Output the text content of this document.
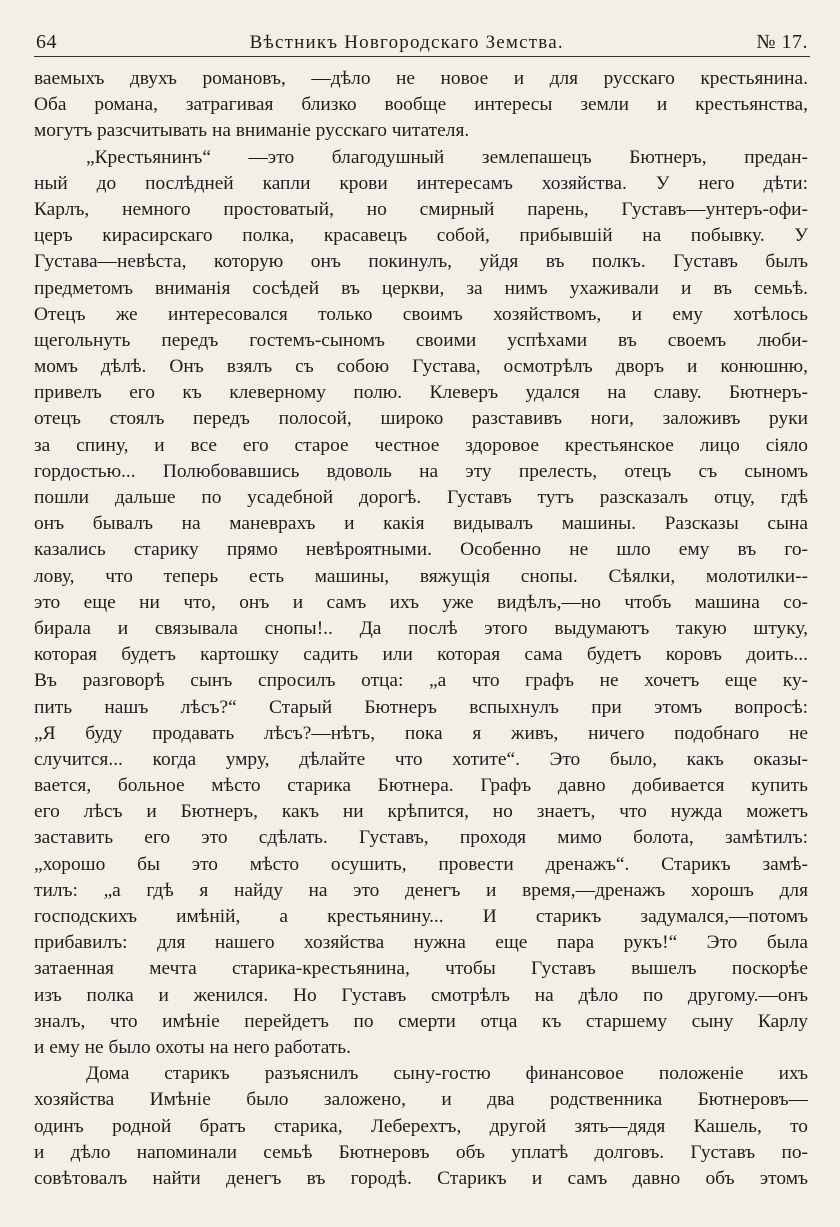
64	Вѣстникъ Новгородскаго Земства.	№ 17.
ваемыхъ двухъ романовъ, —дѣло не новое и для русскаго крестьянина.
Оба романа, затрагивая близко вообще интересы земли и крестьянства,
могутъ разсчитывать на вниманіе русскаго читателя.
„Крестьянинъ“ —это благодушный землепашецъ Бютнеръ, предан-
ный до послѣдней капли крови интересамъ хозяйства. У него дѣти:
Карлъ, немного простоватый, но смирный парень, Густавъ—унтеръ-офи-
церъ кирасирскаго полка, красавецъ собой, прибывшій на побывку. У
Густава—невѣста, которую онъ покинулъ, уйдя въ полкъ. Густавъ былъ
предметомъ вниманія сосѣдей въ церкви, за нимъ ухаживали и въ семьѣ.
Отецъ же интересовался только своимъ хозяйствомъ, и ему хотѣлось
щегольнуть передъ гостемъ-сыномъ своими успѣхами въ своемъ люби-
момъ дѣлѣ. Онъ взялъ съ собою Густава, осмотрѣлъ дворъ и конюшню,
привелъ его къ клеверному полю. Клеверъ удался на славу. Бютнеръ-
отецъ стоялъ передъ полосой, широко разставивъ ноги, заложивъ руки
за спину, и все его старое честное здоровое крестьянское лицо сіяло
гордостью... Полюбовавшись вдоволь на эту прелесть, отецъ съ сыномъ
пошли дальше по усадебной дорогѣ. Густавъ тутъ разсказалъ отцу, гдѣ
онъ бывалъ на маневрахъ и какія видывалъ машины. Разсказы сына
казались старику прямо невѣроятными. Особенно не шло ему въ го-
лову, что теперь есть машины, вяжущія снопы. Сѣялки, молотилки--
это еще ни что, онъ и самъ ихъ уже видѣлъ,—но чтобъ машина со-
бирала и связывала снопы!.. Да послѣ этого выдумаютъ такую штуку,
которая будетъ картошку садить или которая сама будетъ коровъ доить...
Въ разговорѣ сынъ спросилъ отца: „а что графъ не хочетъ еще ку-
пить нашъ лѣсъ?“ Старый Бютнеръ вспыхнулъ при этомъ вопросѣ:
„Я буду продавать лѣсъ?—нѣтъ, пока я живъ, ничего подобнаго не
случится... когда умру, дѣлайте что хотите“. Это было, какъ оказы-
вается, больное мѣсто старика Бютнера. Графъ давно добивается купить
его лѣсъ и Бютнеръ, какъ ни крѣпится, но знаетъ, что нужда можетъ
заставить его это сдѣлать. Густавъ, проходя мимо болота, замѣтилъ:
„хорошо бы это мѣсто осушить, провести дренажъ“. Старикъ замѣ-
тилъ: „а гдѣ я найду на это денегъ и время,—дренажъ хорошъ для
господскихъ имѣній, а крестьянину... И старикъ задумался,—потомъ
прибавилъ: для нашего хозяйства нужна еще пара рукъ!“ Это была
затаенная мечта старика-крестьянина, чтобы Густавъ вышелъ поскорѣе
изъ полка и женился. Но Густавъ смотрѣлъ на дѣло по другому.—онъ
зналъ, что имѣніе перейдетъ по смерти отца къ старшему сыну Карлу
и ему не было охоты на него работать.
Дома старикъ разъяснилъ сыну-гостю финансовое положеніе ихъ
хозяйства Имѣніе было заложено, и два родственника Бютнеровъ—
одинъ родной братъ старика, Леберехтъ, другой зять—дядя Кашель, то
и дѣло напоминали семьѣ Бютнеровъ объ уплатѣ долговъ. Густавъ по-
совѣтовалъ найти денегъ въ городѣ. Старикъ и самъ давно объ этомъ
